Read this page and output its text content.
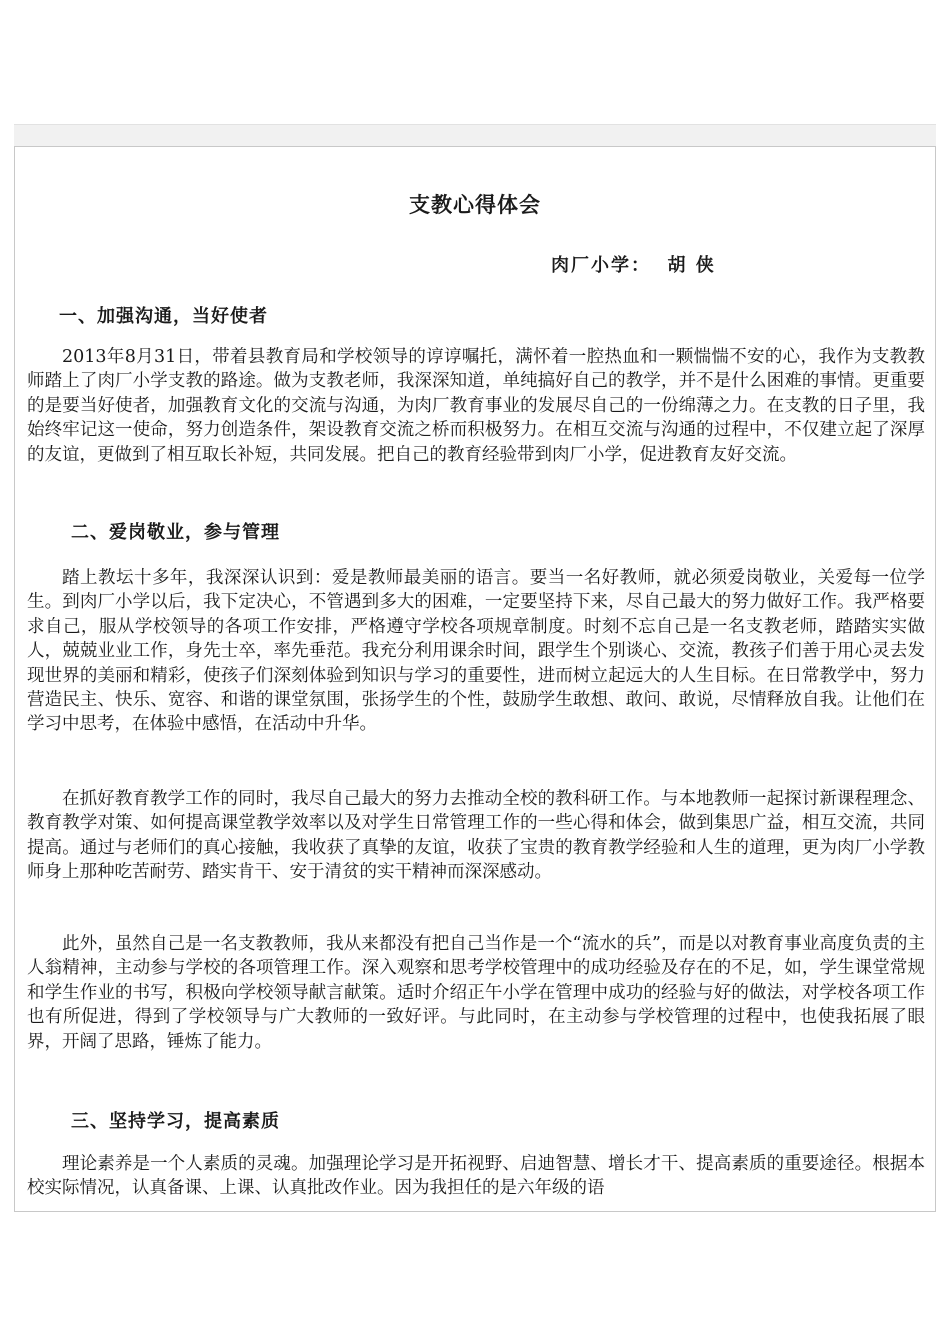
支教心得体会

肉厂小学：  胡 侠

一、加强沟通，当好使者

2013年8月31日，带着县教育局和学校领导的谆谆嘱托，满怀着一腔热血和一颗惴惴不安的心，我作为支教教师踏上了肉厂小学支教的路途。做为支教老师，我深深知道，单纯搞好自己的教学，并不是什么困难的事情。更重要的是要当好使者，加强教育文化的交流与沟通，为肉厂教育事业的发展尽自己的一份绵薄之力。在支教的日子里，我始终牢记这一使命，努力创造条件，架设教育交流之桥而积极努力。在相互交流与沟通的过程中，不仅建立起了深厚的友谊，更做到了相互取长补短，共同发展。把自己的教育经验带到肉厂小学，促进教育友好交流。

二、爱岗敬业，参与管理

踏上教坛十多年，我深深认识到：爱是教师最美丽的语言。要当一名好教师，就必须爱岗敬业，关爱每一位学生。到肉厂小学以后，我下定决心，不管遇到多大的困难，一定要坚持下来，尽自己最大的努力做好工作。我严格要求自己，服从学校领导的各项工作安排，严格遵守学校各项规章制度。时刻不忘自己是一名支教老师，踏踏实实做人，兢兢业业工作，身先士卒，率先垂范。我充分利用课余时间，跟学生个别谈心、交流，教孩子们善于用心灵去发现世界的美丽和精彩，使孩子们深刻体验到知识与学习的重要性，进而树立起远大的人生目标。在日常教学中，努力营造民主、快乐、宽容、和谐的课堂氛围，张扬学生的个性，鼓励学生敢想、敢问、敢说，尽情释放自我。让他们在学习中思考，在体验中感悟，在活动中升华。

在抓好教育教学工作的同时，我尽自己最大的努力去推动全校的教科研工作。与本地教师一起探讨新课程理念、教育教学对策、如何提高课堂教学效率以及对学生日常管理工作的一些心得和体会，做到集思广益，相互交流，共同提高。通过与老师们的真心接触，我收获了真挚的友谊，收获了宝贵的教育教学经验和人生的道理，更为肉厂小学教师身上那种吃苦耐劳、踏实肯干、安于清贫的实干精神而深深感动。

此外，虽然自己是一名支教教师，我从来都没有把自己当作是一个“流水的兵”，而是以对教育事业高度负责的主人翁精神，主动参与学校的各项管理工作。深入观察和思考学校管理中的成功经验及存在的不足，如，学生课堂常规和学生作业的书写，积极向学校领导献言献策。适时介绍正午小学在管理中成功的经验与好的做法，对学校各项工作也有所促进，得到了学校领导与广大教师的一致好评。与此同时，在主动参与学校管理的过程中，也使我拓展了眼界，开阔了思路，锤炼了能力。

三、坚持学习，提高素质

理论素养是一个人素质的灵魂。加强理论学习是开拓视野、启迪智慧、增长才干、提高素质的重要途径。根据本校实际情况，认真备课、上课、认真批改作业。因为我担任的是六年级的语
